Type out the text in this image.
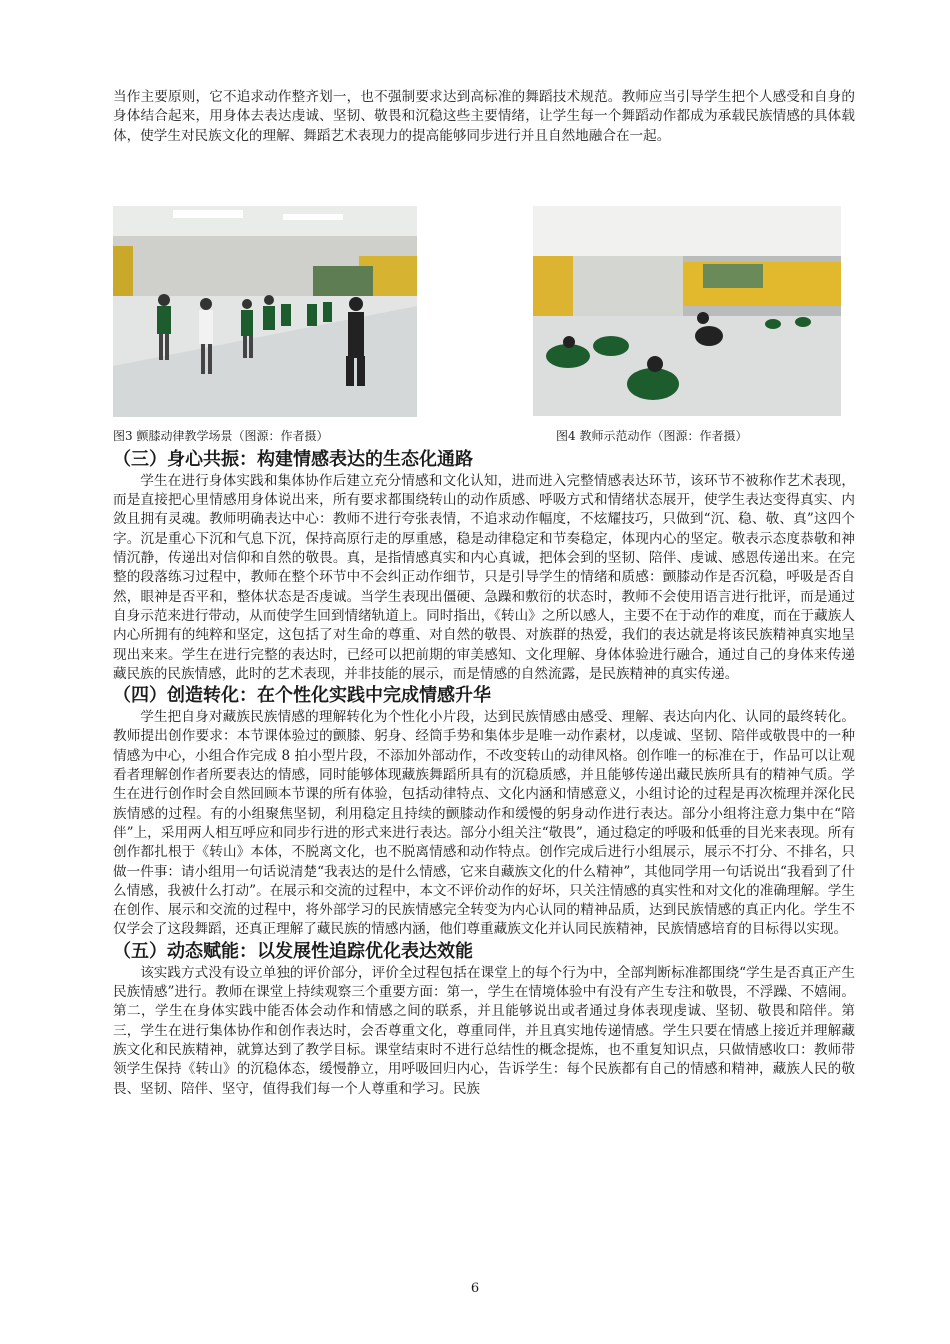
当作主要原则，它不追求动作整齐划一，也不强制要求达到高标准的舞蹈技术规范。教师应当引导学生把个人感受和自身的身体结合起来，用身体去表达虔诚、坚韧、敬畏和沉稳这些主要情绪，让学生每一个舞蹈动作都成为承载民族情感的具体载体，使学生对民族文化的理解、舞蹈艺术表现力的提高能够同步进行并且自然地融合在一起。

图3 颤膝动律教学场景（图源：作者摄）	图4 教师示范动作（图源：作者摄）
（三）身心共振：构建情感表达的生态化通路

学生在进行身体实践和集体协作后建立充分情感和文化认知，进而进入完整情感表达环节，该环节不被称作艺术表现，而是直接把心里情感用身体说出来，所有要求都围绕转山的动作质感、呼吸方式和情绪状态展开，使学生表达变得真实、内敛且拥有灵魂。教师明确表达中心：教师不进行夸张表情，不追求动作幅度，不炫耀技巧，只做到“沉、稳、敬、真”这四个字。沉是重心下沉和气息下沉，保持高原行走的厚重感，稳是动律稳定和节奏稳定，体现内心的坚定。敬表示态度恭敬和神情沉静，传递出对信仰和自然的敬畏。真，是指情感真实和内心真诚，把体会到的坚韧、陪伴、虔诚、感恩传递出来。在完整的段落练习过程中，教师在整个环节中不会纠正动作细节，只是引导学生的情绪和质感：颤膝动作是否沉稳，呼吸是否自然，眼神是否平和，整体状态是否虔诚。当学生表现出僵硬、急躁和敷衍的状态时，教师不会使用语言进行批评，而是通过自身示范来进行带动，从而使学生回到情绪轨道上。同时指出，《转山》之所以感人，主要不在于动作的难度，而在于藏族人内心所拥有的纯粹和坚定，这包括了对生命的尊重、对自然的敬畏、对族群的热爱，我们的表达就是将该民族精神真实地呈现出来来。学生在进行完整的表达时，已经可以把前期的审美感知、文化理解、身体体验进行融合，通过自己的身体来传递藏民族的民族情感，此时的艺术表现，并非技能的展示，而是情感的自然流露，是民族精神的真实传递。

（四）创造转化：在个性化实践中完成情感升华

学生把自身对藏族民族情感的理解转化为个性化小片段，达到民族情感由感受、理解、表达向内化、认同的最终转化。教师提出创作要求：本节课体验过的颤膝、躬身、经筒手势和集体步是唯一动作素材，以虔诚、坚韧、陪伴或敬畏中的一种情感为中心，小组合作完成 8 拍小型片段，不添加外部动作，不改变转山的动律风格。创作唯一的标准在于，作品可以让观看者理解创作者所要表达的情感，同时能够体现藏族舞蹈所具有的沉稳质感，并且能够传递出藏民族所具有的精神气质。学生在进行创作时会自然回顾本节课的所有体验，包括动律特点、文化内涵和情感意义，小组讨论的过程是再次梳理并深化民族情感的过程。有的小组聚焦坚韧，利用稳定且持续的颤膝动作和缓慢的躬身动作进行表达。部分小组将注意力集中在“陪伴”上，采用两人相互呼应和同步行进的形式来进行表达。部分小组关注“敬畏”，通过稳定的呼吸和低垂的目光来表现。所有创作都扎根于《转山》本体，不脱离文化，也不脱离情感和动作特点。创作完成后进行小组展示，展示不打分、不排名，只做一件事：请小组用一句话说清楚“我表达的是什么情感，它来自藏族文化的什么精神”，其他同学用一句话说出“我看到了什么情感，我被什么打动”。在展示和交流的过程中，本文不评价动作的好坏，只关注情感的真实性和对文化的准确理解。学生在创作、展示和交流的过程中，将外部学习的民族情感完全转变为内心认同的精神品质，达到民族情感的真正内化。学生不仅学会了这段舞蹈，还真正理解了藏民族的情感内涵，他们尊重藏族文化并认同民族精神，民族情感培育的目标得以实现。

（五）动态赋能：以发展性追踪优化表达效能

该实践方式没有设立单独的评价部分，评价全过程包括在课堂上的每个行为中，全部判断标准都围绕“学生是否真正产生民族情感”进行。教师在课堂上持续观察三个重要方面：第一，学生在情境体验中有没有产生专注和敬畏，不浮躁、不嬉闹。第二，学生在身体实践中能否体会动作和情感之间的联系，并且能够说出或者通过身体表现虔诚、坚韧、敬畏和陪伴。第三，学生在进行集体协作和创作表达时，会否尊重文化，尊重同伴，并且真实地传递情感。学生只要在情感上接近并理解藏族文化和民族精神，就算达到了教学目标。课堂结束时不进行总结性的概念提炼，也不重复知识点，只做情感收口：教师带领学生保持《转山》的沉稳体态，缓慢静立，用呼吸回归内心，告诉学生：每个民族都有自己的情感和精神，藏族人民的敬畏、坚韧、陪伴、坚守，值得我们每一个人尊重和学习。民族

6
